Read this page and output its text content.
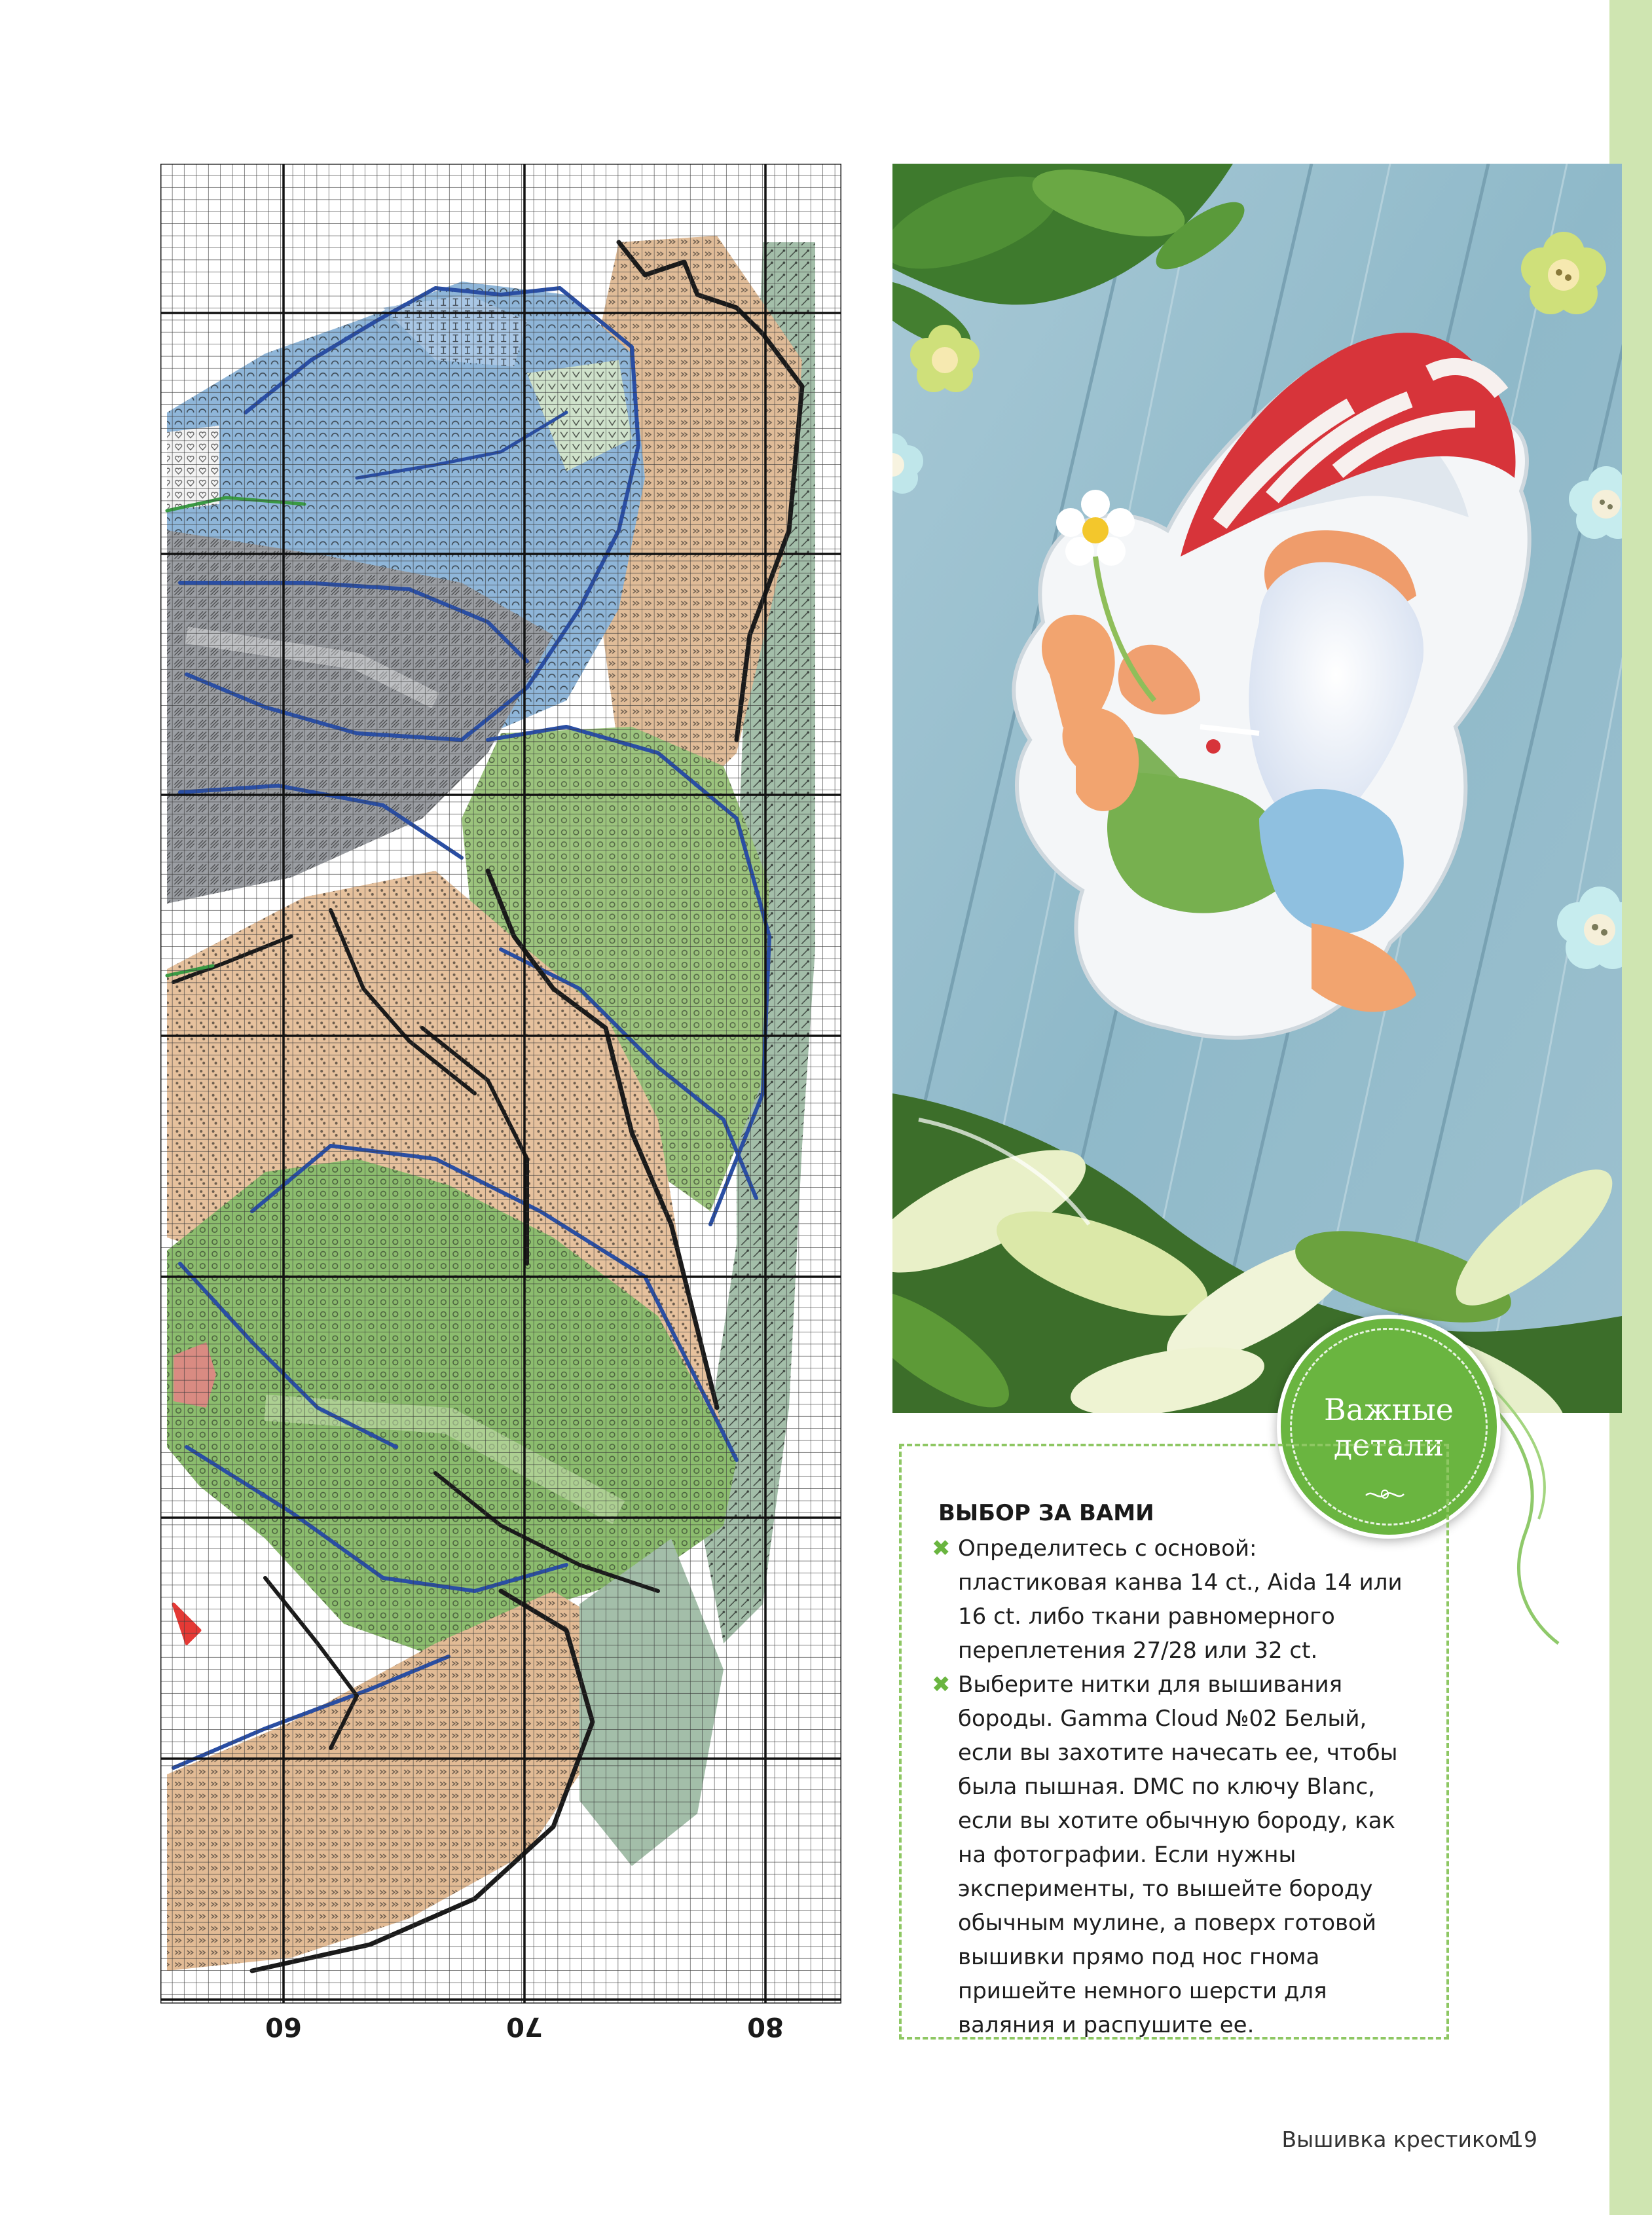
60	70	80
Важные
детали
ВЫБОР ЗА ВАМИ
✖ Определитесь с основой: пластиковая канва 14 ct., Aida 14 или 16 ct. либо ткани равномерного переплетения 27/28 или 32 ct.
✖ Выберите нитки для вышивания бороды. Gamma Cloud №02 Белый, если вы захотите начесать ее, чтобы была пышная. DMC по ключу Blanc, если вы хотите обычную бороду, как на фотографии. Если нужны эксперименты, то вышейте бороду обычным мулине, а поверх готовой вышивки прямо под нос гнома пришейте немного шерсти для валяния и распушите ее.
Вышивка крестиком
19
